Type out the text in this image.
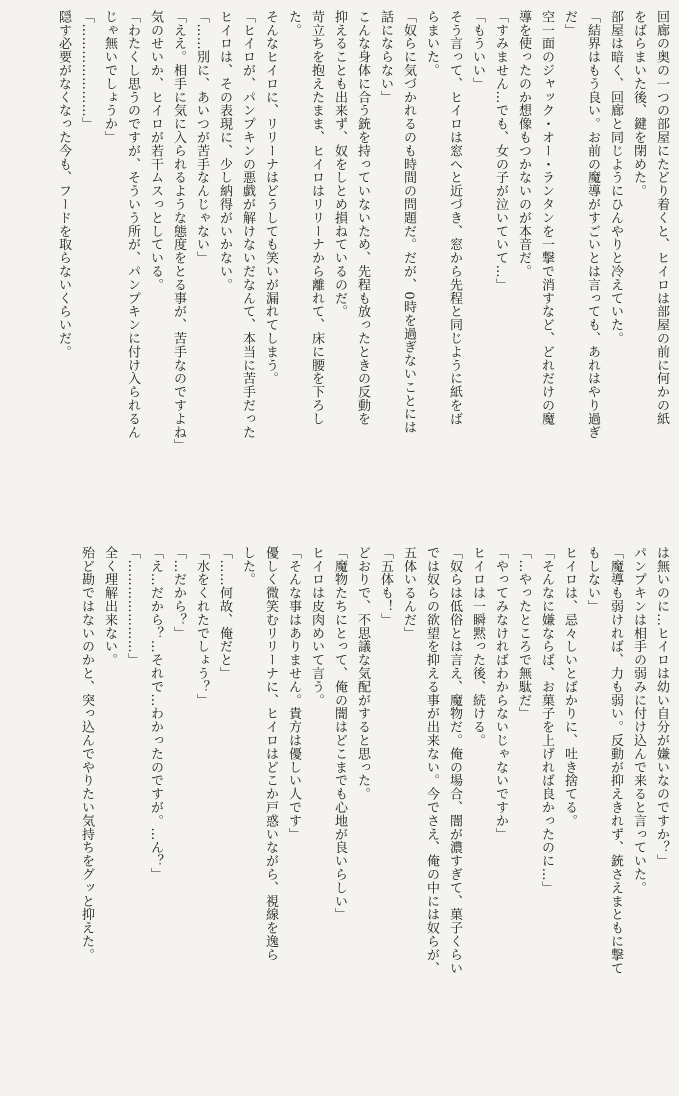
回廊の奥の一つの部屋にたどり着くと、ヒイロは部屋の前に何かの紙
をばらまいた後、鍵を閉めた。
部屋は暗く、回廊と同じようにひんやりと冷えていた。
「結界はもう良い。お前の魔導がすごいとは言っても、あれはやり過ぎ
だ」
空一面のジャック・オー・ランタンを一撃で消すなど、どれだけの魔
導を使ったのか想像もつかないのが本音だ。
「すみません…でも、女の子が泣いていて…」
「もういい」
そう言って、ヒイロは窓へと近づき、窓から先程と同じように紙をば
らまいた。
「奴らに気づかれるのも時間の問題だ。だが、0時を過ぎないことには
話にならない」
こんな身体に合う銃を持っていないため、先程も放ったときの反動を
抑えることも出来ず、奴をしとめ損ねているのだ。
苛立ちを抱えたまま、ヒイロはリリーナから離れて、床に腰を下ろし
た。
そんなヒイロに、リリーナはどうしても笑いが漏れてしまう。
「ヒイロが、パンプキンの悪戯が解けないだなんて、本当に苦手だった
ヒイロは、その表現に、少し納得がいかない。
「……別に、あいつが苦手なんじゃない」
「ええ。相手に気に入られるような態度をとる事が、苦手なのですよね」
気のせいか、ヒイロが若干ムスっとしている。
「わたくし思うのですが、そういう所が、パンプキンに付け入られるん
じゃ無いでしょうか」
「…………………」
隠す必要がなくなった今も、フードを取らないくらいだ。
は無いのに…ヒイロは幼い自分が嫌いなのですか？」
パンプキンは相手の弱みに付け込んで来ると言っていた。
「魔導も弱ければ、力も弱い。反動が抑えきれず、銃さえまともに撃て
もしない」
ヒイロは、忌々しいとばかりに、吐き捨てる。
「そんなに嫌ならば、お菓子を上げれば良かったのに…」
「…やったところで無駄だ」
「やってみなければわからないじゃないですか」
ヒイロは一瞬黙った後、続ける。
「奴らは低俗とは言え、魔物だ。俺の場合、闇が濃すぎて、菓子くらい
では奴らの欲望を抑える事が出来ない。今でさえ、俺の中には奴らが、
五体いるんだ」
「五体も！」
どおりで、不思議な気配がすると思った。
「魔物たちにとって、俺の闇はどこまでも心地が良いらしい」
ヒイロは皮肉めいて言う。
「そんな事はありません。貴方は優しい人です」
優しく微笑むリリーナに、ヒイロはどこか戸惑いながら、視線を逸ら
した。
「……何故、俺だと」
「水をくれたでしょう？」
「…だから？」
「え…だから？…それで…わかったのですが。…ん？」
「…………………」
全く理解出来ない。
殆ど勘ではないのかと、突っ込んでやりたい気持ちをグッと抑えた。
